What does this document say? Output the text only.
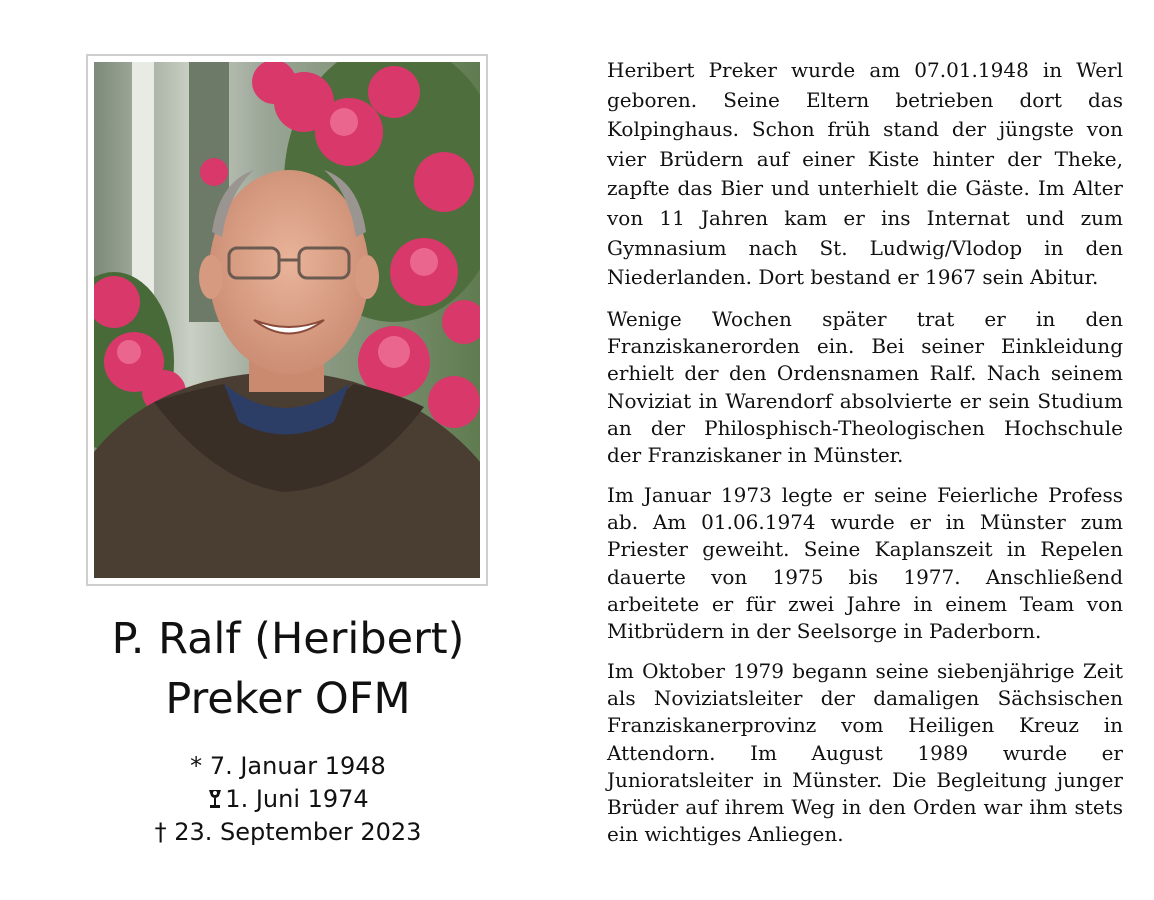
P. Ralf (Heribert)
Preker OFM
* 7. Januar 1948
1. Juni 1974
† 23. September 2023

Heribert Preker wurde am 07.01.1948 in Werl geboren. Seine Eltern betrieben dort das Kolpinghaus. Schon früh stand der jüngste von vier Brüdern auf einer Kiste hinter der Theke, zapfte das Bier und unterhielt die Gäste. Im Alter von 11 Jahren kam er ins Internat und zum Gymnasium nach St. Ludwig/Vlodop in den Niederlanden. Dort bestand er 1967 sein Abitur.

Wenige Wochen später trat er in den Franziskanerorden ein. Bei seiner Einkleidung erhielt der den Ordensnamen Ralf. Nach seinem Noviziat in Warendorf absolvierte er sein Studium an der Philosphisch-Theologischen Hochschule der Franziskaner in Münster.

Im Januar 1973 legte er seine Feierliche Profess ab. Am 01.06.1974 wurde er in Münster zum Priester geweiht. Seine Kaplanszeit in Repelen dauerte von 1975 bis 1977. Anschließend arbeitete er für zwei Jahre in einem Team von Mitbrüdern in der Seelsorge in Paderborn.

Im Oktober 1979 begann seine siebenjährige Zeit als Noviziatsleiter der damaligen Sächsischen Franziskanerprovinz vom Heiligen Kreuz in Attendorn. Im August 1989 wurde er Junioratsleiter in Münster. Die Begleitung junger Brüder auf ihrem Weg in den Orden war ihm stets ein wichtiges Anliegen.
